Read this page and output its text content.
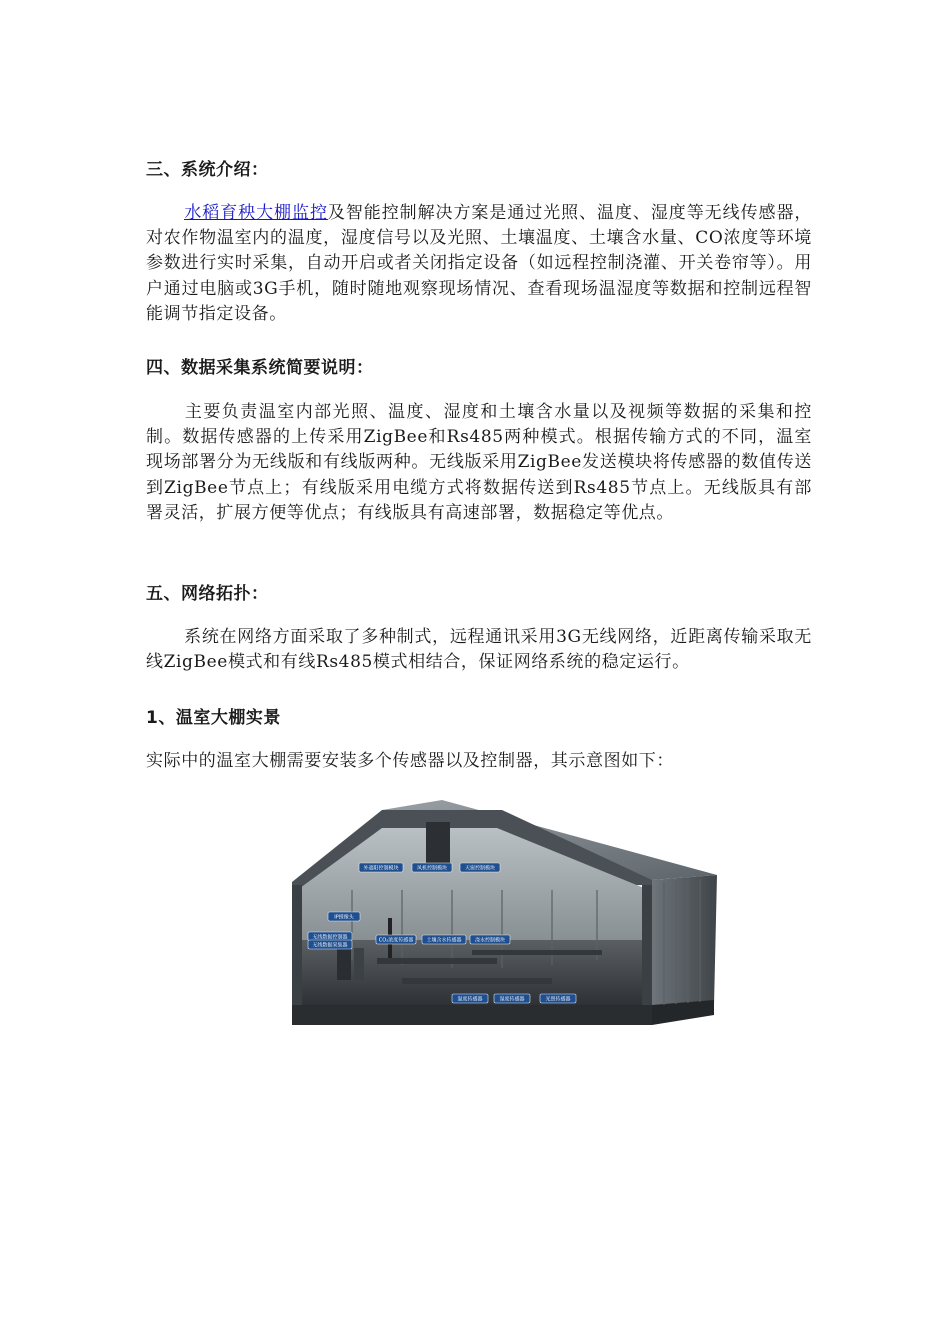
三、系统介绍：
水稻育秧大棚监控及智能控制解决方案是通过光照、温度、湿度等无线传感器，对农作物温室内的温度，湿度信号以及光照、土壤温度、土壤含水量、CO浓度等环境参数进行实时采集，自动开启或者关闭指定设备（如远程控制浇灌、开关卷帘等）。用户通过电脑或3G手机，随时随地观察现场情况、查看现场温湿度等数据和控制远程智能调节指定设备。
四、数据采集系统简要说明：
主要负责温室内部光照、温度、湿度和土壤含水量以及视频等数据的采集和控制。数据传感器的上传采用ZigBee和Rs485两种模式。根据传输方式的不同，温室现场部署分为无线版和有线版两种。无线版采用ZigBee发送模块将传感器的数值传送到ZigBee节点上；有线版采用电缆方式将数据传送到Rs485节点上。无线版具有部署灵活，扩展方便等优点；有线版具有高速部署，数据稳定等优点。
五、网络拓扑：
系统在网络方面采取了多种制式，远程通讯采用3G无线网络，近距离传输采取无线ZigBee模式和有线Rs485模式相结合，保证网络系统的稳定运行。
1、温室大棚实景
实际中的温室大棚需要安装多个传感器以及控制器，其示意图如下：
外遮阳控制模块	风机控制模块	天窗控制模块
IP摄像头
无线数据控制器
无线数据采集器
CO₂浓度传感器	土壤含水传感器	浇水控制模块
温度传感器	湿度传感器	光照传感器
